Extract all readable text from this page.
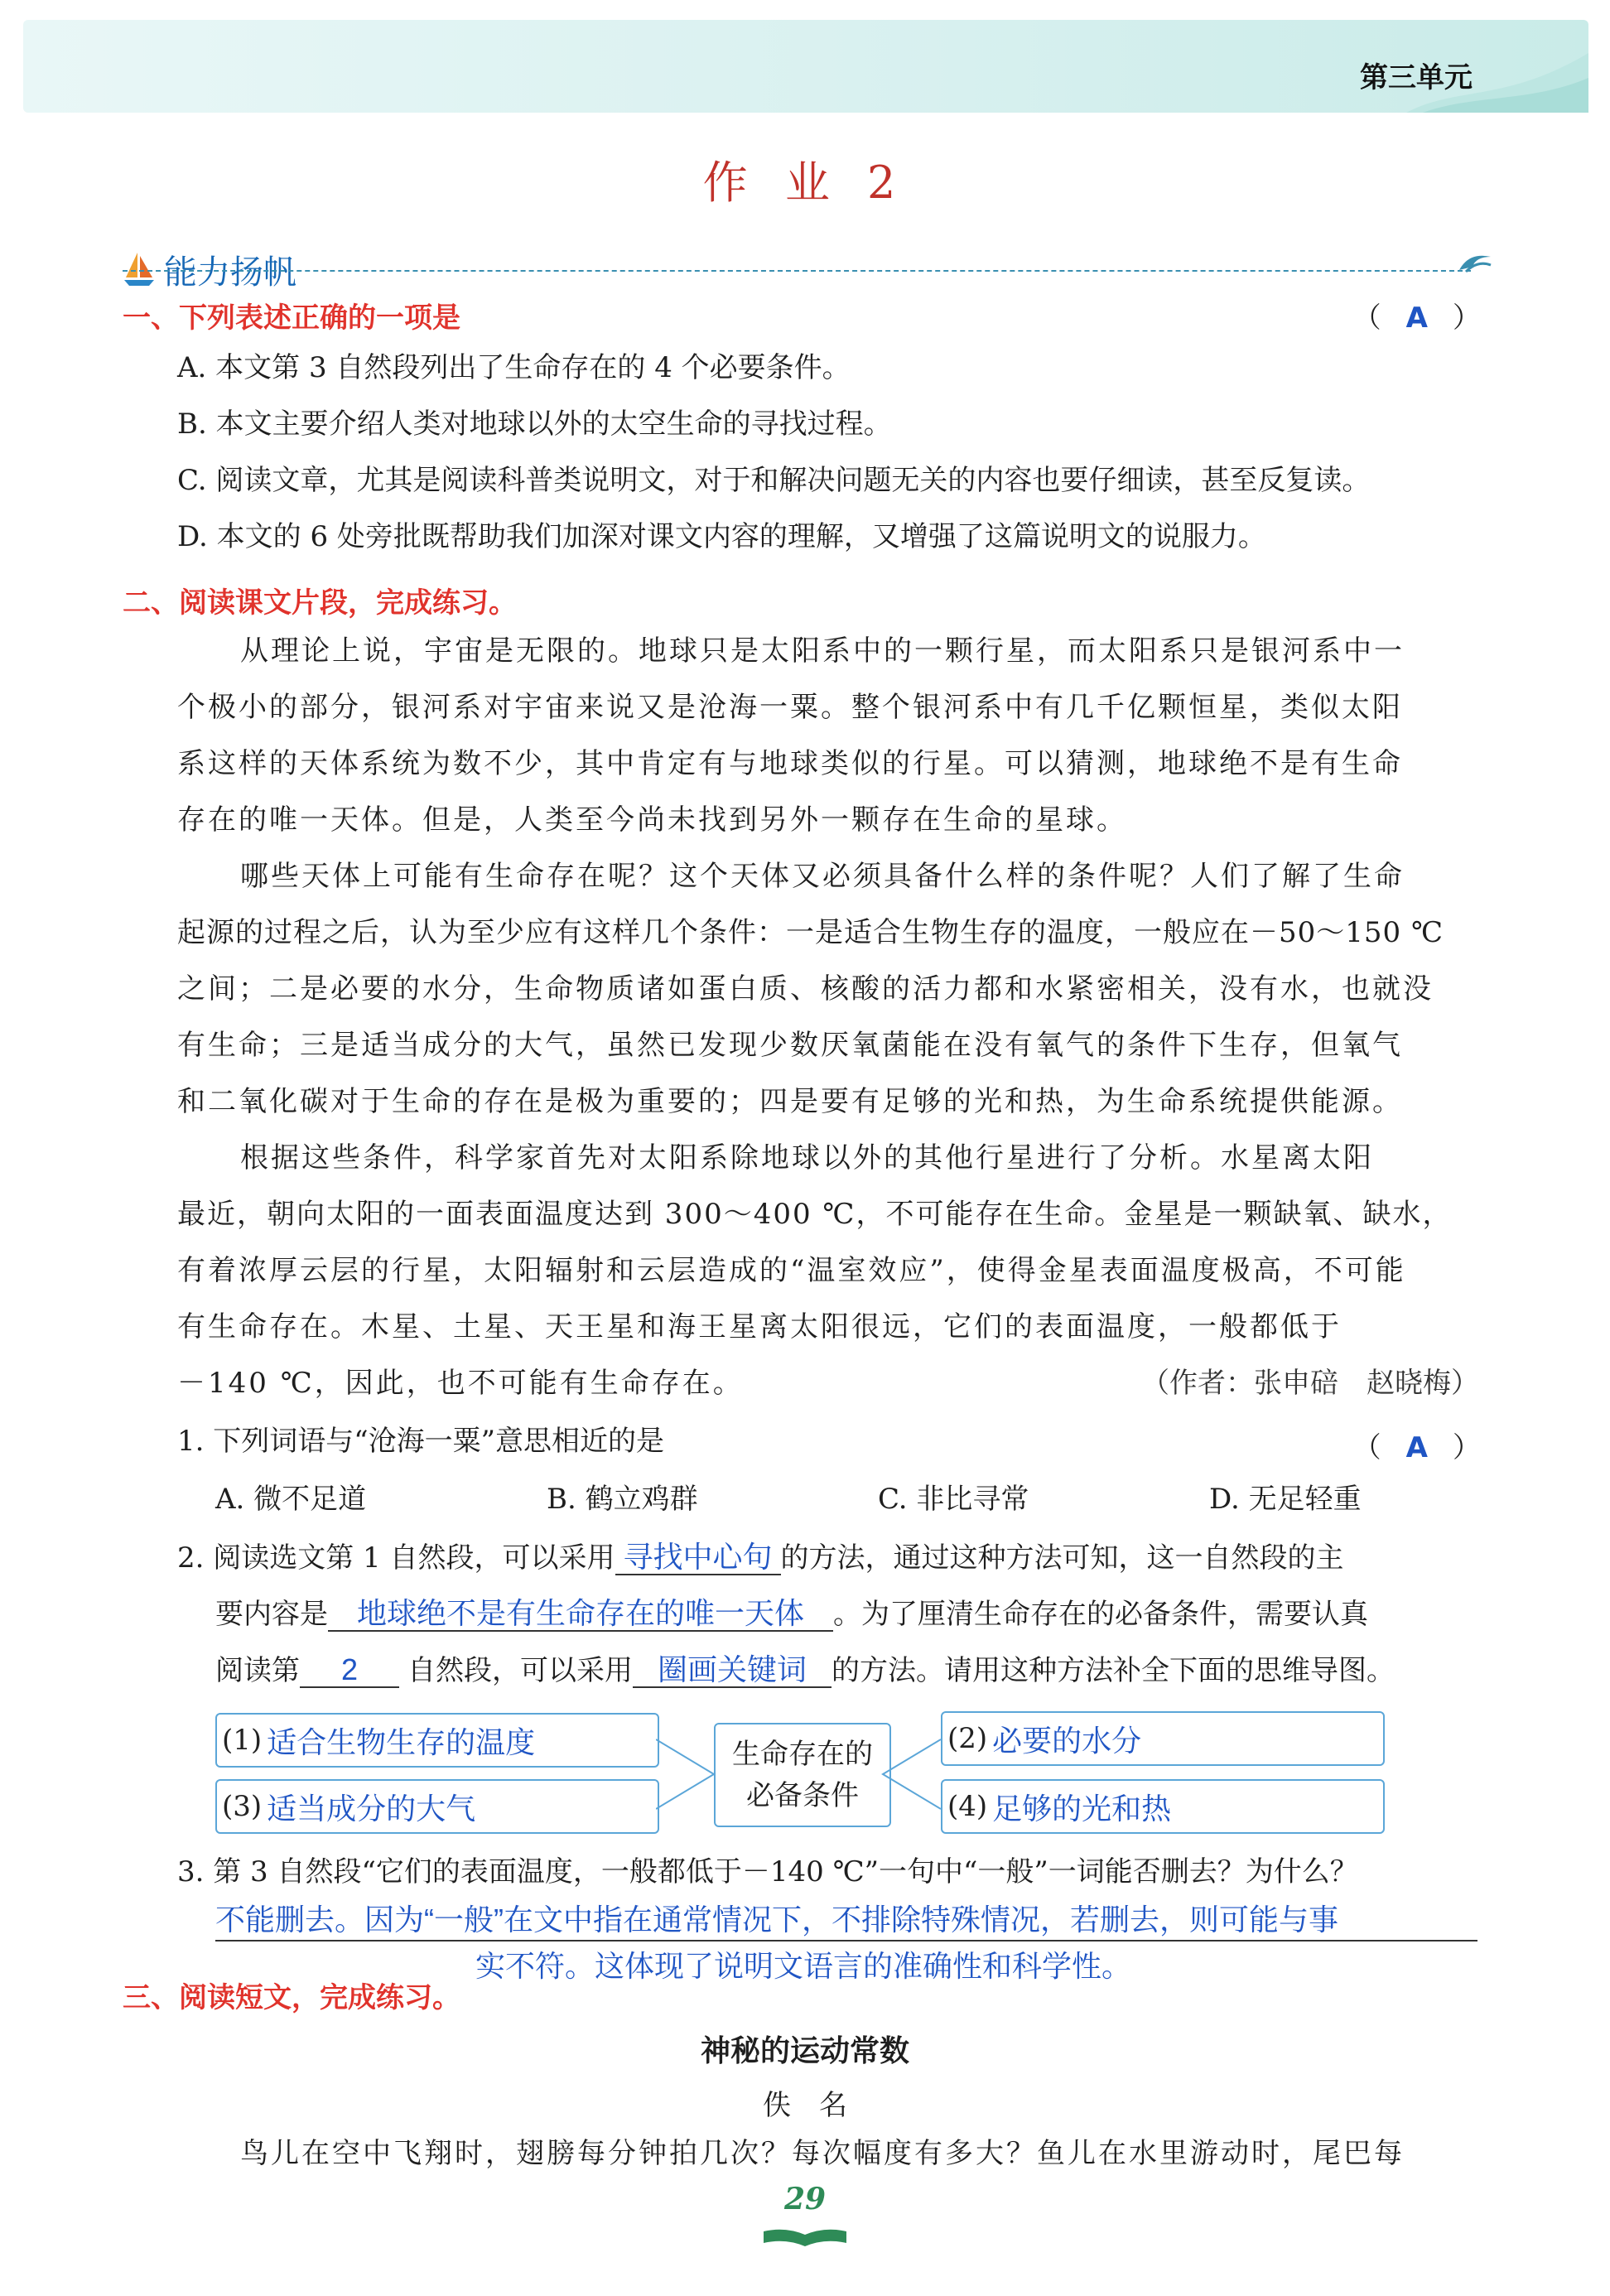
第三单元
作 业 2
能力扬帆
一、下列表述正确的一项是	（ A ）
A. 本文第 3 自然段列出了生命存在的 4 个必要条件。
B. 本文主要介绍人类对地球以外的太空生命的寻找过程。
C. 阅读文章，尤其是阅读科普类说明文，对于和解决问题无关的内容也要仔细读，甚至反复读。
D. 本文的 6 处旁批既帮助我们加深对课文内容的理解，又增强了这篇说明文的说服力。
二、阅读课文片段，完成练习。
从理论上说，宇宙是无限的。地球只是太阳系中的一颗行星，而太阳系只是银河系中一
个极小的部分，银河系对宇宙来说又是沧海一粟。整个银河系中有几千亿颗恒星，类似太阳
系这样的天体系统为数不少，其中肯定有与地球类似的行星。可以猜测，地球绝不是有生命
存在的唯一天体。但是，人类至今尚未找到另外一颗存在生命的星球。
哪些天体上可能有生命存在呢？这个天体又必须具备什么样的条件呢？人们了解了生命
起源的过程之后，认为至少应有这样几个条件：一是适合生物生存的温度，一般应在－50～150 ℃
之间；二是必要的水分，生命物质诸如蛋白质、核酸的活力都和水紧密相关，没有水，也就没
有生命；三是适当成分的大气，虽然已发现少数厌氧菌能在没有氧气的条件下生存，但氧气
和二氧化碳对于生命的存在是极为重要的；四是要有足够的光和热，为生命系统提供能源。
根据这些条件，科学家首先对太阳系除地球以外的其他行星进行了分析。水星离太阳
最近，朝向太阳的一面表面温度达到 300～400 ℃，不可能存在生命。金星是一颗缺氧、缺水，
有着浓厚云层的行星，太阳辐射和云层造成的“温室效应”，使得金星表面温度极高，不可能
有生命存在。木星、土星、天王星和海王星离太阳很远，它们的表面温度，一般都低于
－140 ℃，因此，也不可能有生命存在。	（作者：张申碚　赵晓梅）
1. 下列词语与“沧海一粟”意思相近的是	（ A ）
A. 微不足道	B. 鹤立鸡群	C. 非比寻常	D. 无足轻重
2. 阅读选文第 1 自然段，可以采用 寻找中心句 的方法，通过这种方法可知，这一自然段的主
要内容是 地球绝不是有生命存在的唯一天体 。为了厘清生命存在的必备条件，需要认真
阅读第 2 自然段，可以采用 圈画关键词 的方法。请用这种方法补全下面的思维导图。
(1) 适合生物生存的温度
(3) 适当成分的大气
生命存在的
必备条件
(2) 必要的水分
(4) 足够的光和热
3. 第 3 自然段“它们的表面温度，一般都低于－140 ℃”一句中“一般”一词能否删去？为什么？
不能删去。因为“一般”在文中指在通常情况下，不排除特殊情况，若删去，则可能与事
实不符。这体现了说明文语言的准确性和科学性。
三、阅读短文，完成练习。
神秘的运动常数
佚　名
鸟儿在空中飞翔时，翅膀每分钟拍几次？每次幅度有多大？鱼儿在水里游动时，尾巴每
29
